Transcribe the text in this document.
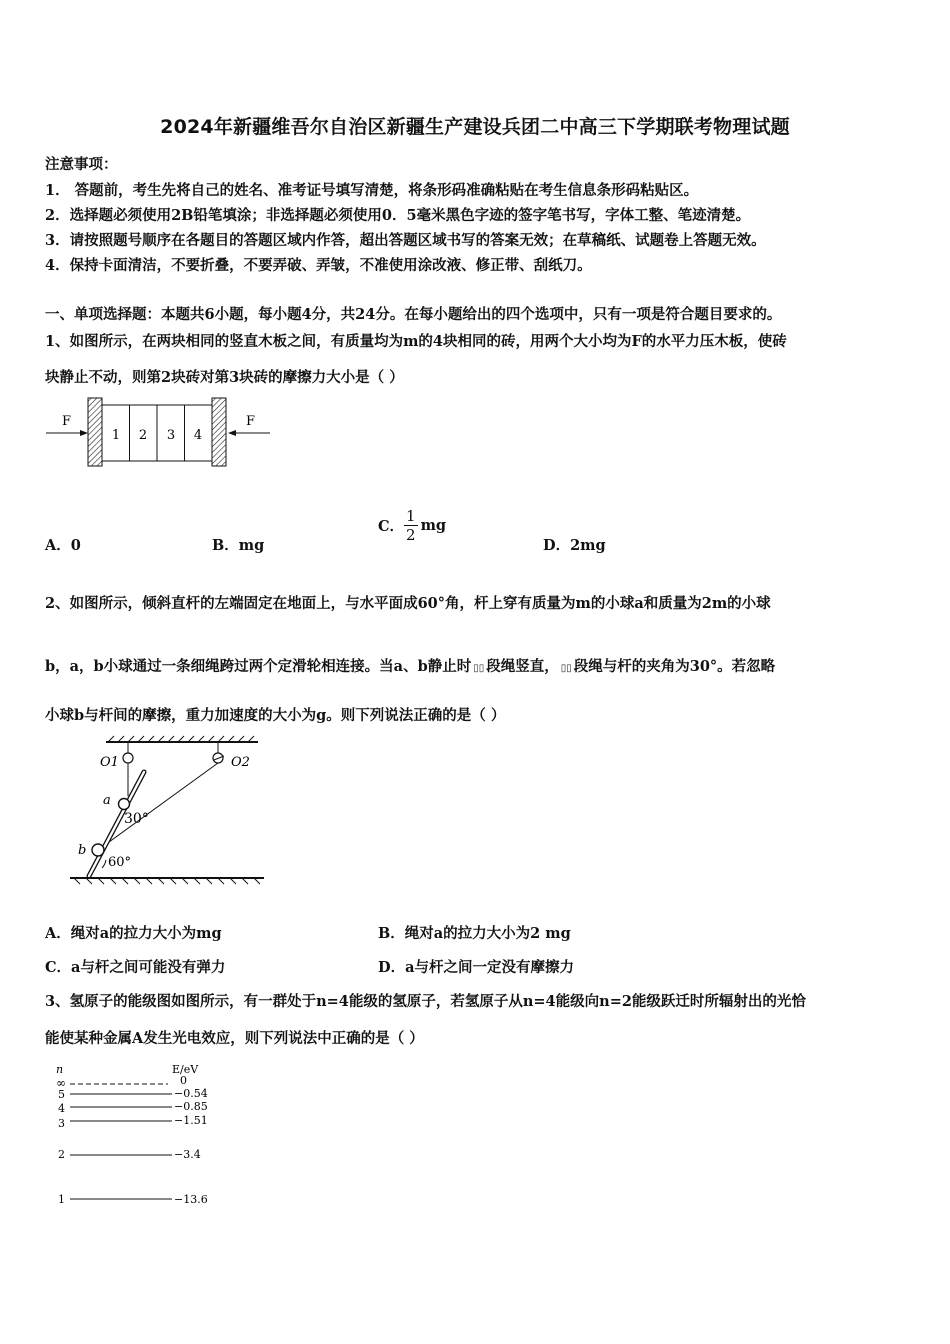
2024年新疆维吾尔自治区新疆生产建设兵团二中高三下学期联考物理试题
注意事项：
1． 答题前，考生先将自己的姓名、准考证号填写清楚，将条形码准确粘贴在考生信息条形码粘贴区。
2．选择题必须使用2B铅笔填涂；非选择题必须使用0．5毫米黑色字迹的签字笔书写，字体工整、笔迹清楚。
3．请按照题号顺序在各题目的答题区域内作答，超出答题区域书写的答案无效；在草稿纸、试题卷上答题无效。
4．保持卡面清洁，不要折叠，不要弄破、弄皱，不准使用涂改液、修正带、刮纸刀。
一、单项选择题：本题共6小题，每小题4分，共24分。在每小题给出的四个选项中，只有一项是符合题目要求的。
1、如图所示，在两块相同的竖直木板之间，有质量均为m的4块相同的砖，用两个大小均为F的水平力压木板，使砖
块静止不动，则第2块砖对第3块砖的摩擦力大小是（ ）
1 2 3 4
F	F
A．0	B．mg
C． $\frac{1}{2}$ mg
D．2mg
2、如图所示，倾斜直杆的左端固定在地面上，与水平面成60°角，杆上穿有质量为m的小球a和质量为2m的小球
b，a，b小球通过一条细绳跨过两个定滑轮相连接。当a、b静止时 ▯▯ 段绳竖直， ▯▯ 段绳与杆的夹角为30°。若忽略
小球b与杆间的摩擦，重力加速度的大小为g。则下列说法正确的是（ ）
O1	O2
a
b
30°
60°
A．绳对a的拉力大小为mg	B．绳对a的拉力大小为2 mg
C．a与杆之间可能没有弹力	D．a与杆之间一定没有摩擦力
3、氢原子的能级图如图所示，有一群处于n=4能级的氢原子，若氢原子从n=4能级向n=2能级跃迁时所辐射出的光恰
能使某种金属A发生光电效应，则下列说法中正确的是（ ）
n	E/eV
∞	0
5	−0.54
4	−0.85
3	−1.51
2	−3.4
1	−13.6
